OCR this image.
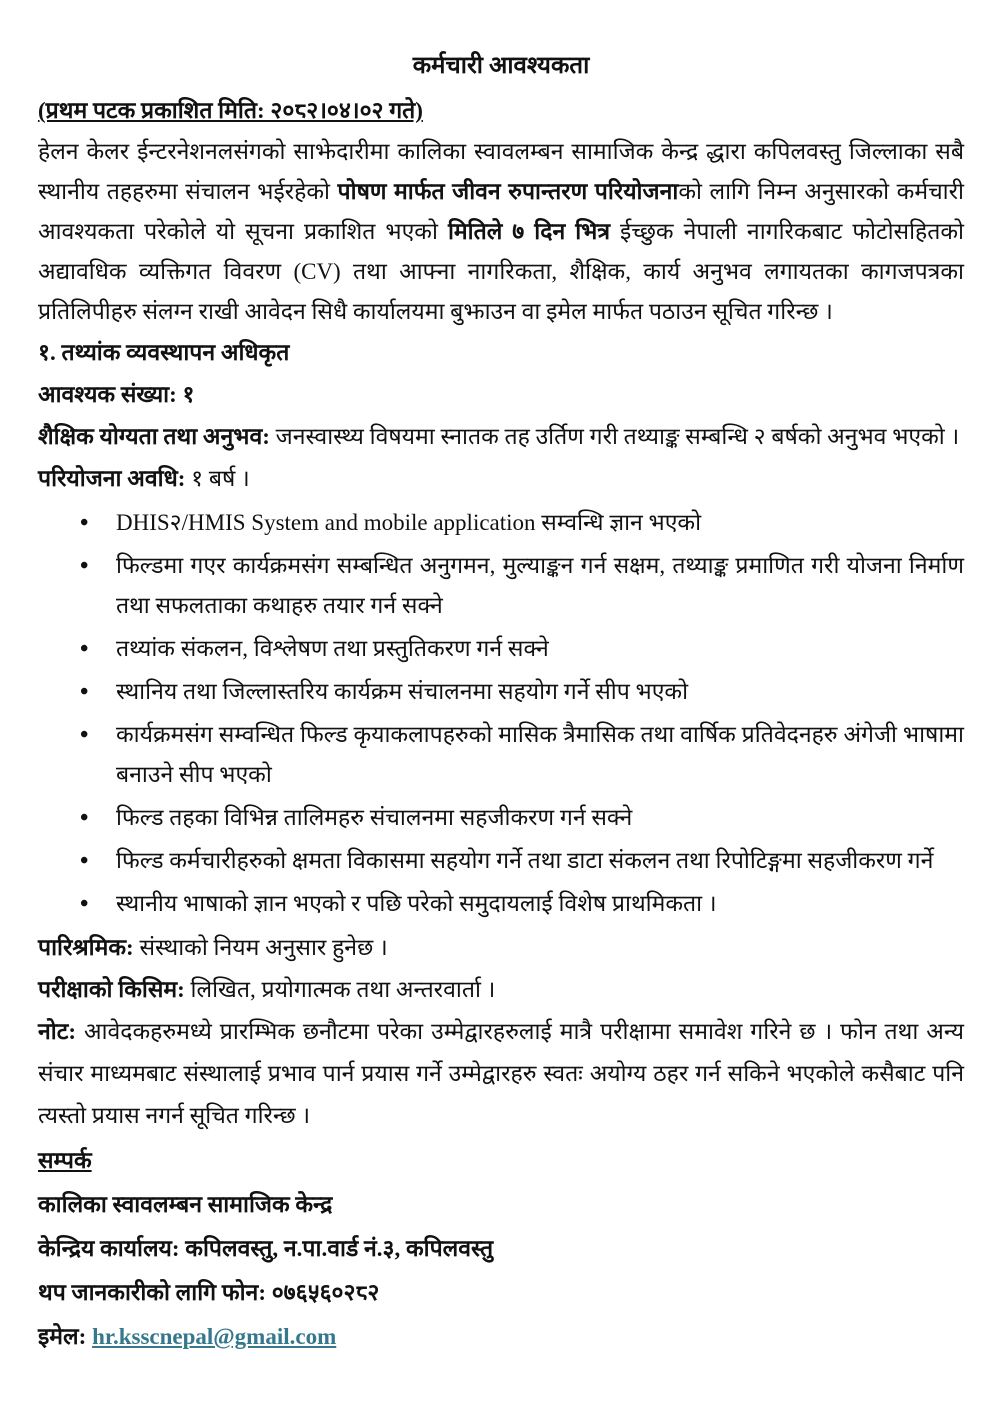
कर्मचारी आवश्यकता
(प्रथम पटक प्रकाशित मिति: २०८२।०४।०२ गते)

हेलन केलर ईन्टरनेशनलसंगको साझेदारीमा कालिका स्वावलम्बन सामाजिक केन्द्र द्धारा कपिलवस्तु जिल्लाका सबै स्थानीय तहहरुमा संचालन भईरहेको पोषण मार्फत जीवन रुपान्तरण परियोजनाको लागि निम्न अनुसारको कर्मचारी आवश्यकता परेकोले यो सूचना प्रकाशित भएको मितिले ७ दिन भित्र ईच्छुक नेपाली नागरिकबाट फोटोसहितको अद्यावधिक व्यक्तिगत विवरण (CV) तथा आफ्ना नागरिकता, शैक्षिक, कार्य अनुभव लगायतका कागजपत्रका प्रतिलिपीहरु संलग्न राखी आवेदन सिधै कार्यालयमा बुझाउन वा इमेल मार्फत पठाउन सूचित गरिन्छ ।

१. तथ्यांक व्यवस्थापन अधिकृत
आवश्यक संख्या: १

शैक्षिक योग्यता तथा अनुभव: जनस्वास्थ्य विषयमा स्नातक तह उर्तिण गरी तथ्याङ्क सम्बन्धि २ बर्षको अनुभव भएको ।

परियोजना अवधि: १ बर्ष ।

• DHIS२/HMIS System and mobile application सम्वन्धि ज्ञान भएको
• फिल्डमा गएर कार्यक्रमसंग सम्बन्धित अनुगमन, मुल्याङ्कन गर्न सक्षम, तथ्याङ्क प्रमाणित गरी योजना निर्माण तथा सफलताका कथाहरु तयार गर्न सक्ने
• तथ्यांक संकलन, विश्लेषण तथा प्रस्तुतिकरण गर्न सक्ने
• स्थानिय तथा जिल्लास्तरिय कार्यक्रम संचालनमा सहयोग गर्ने सीप भएको
• कार्यक्रमसंग सम्वन्धित फिल्ड कृयाकलापहरुको मासिक त्रैमासिक तथा वार्षिक प्रतिवेदनहरु अंगेजी भाषामा बनाउने सीप भएको
• फिल्ड तहका विभिन्न तालिमहरु संचालनमा सहजीकरण गर्न सक्ने
• फिल्ड कर्मचारीहरुको क्षमता विकासमा सहयोग गर्ने तथा डाटा संकलन तथा रिपोटिङ्गमा सहजीकरण गर्ने
• स्थानीय भाषाको ज्ञान भएको र पछि परेको समुदायलाई विशेष प्राथमिकता ।

पारिश्रमिक: संस्थाको नियम अनुसार हुनेछ ।

परीक्षाको किसिम: लिखित, प्रयोगात्मक तथा अन्तरवार्ता ।

नोट: आवेदकहरुमध्ये प्रारम्भिक छनौटमा परेका उम्मेद्वारहरुलाई मात्रै परीक्षामा समावेश गरिने छ । फोन तथा अन्य संचार माध्यमबाट संस्थालाई प्रभाव पार्न प्रयास गर्ने उम्मेद्वारहरु स्वतः अयोग्य ठहर गर्न सकिने भएकोले कसैबाट पनि त्यस्तो प्रयास नगर्न सूचित गरिन्छ ।

सम्पर्क
कालिका स्वावलम्बन सामाजिक केन्द्र
केन्द्रिय कार्यालय: कपिलवस्तु, न.पा.वार्ड नं.३, कपिलवस्तु
थप जानकारीको लागि फोन: ०७६५६०२८२
इमेल: hr.ksscnepal@gmail.com
